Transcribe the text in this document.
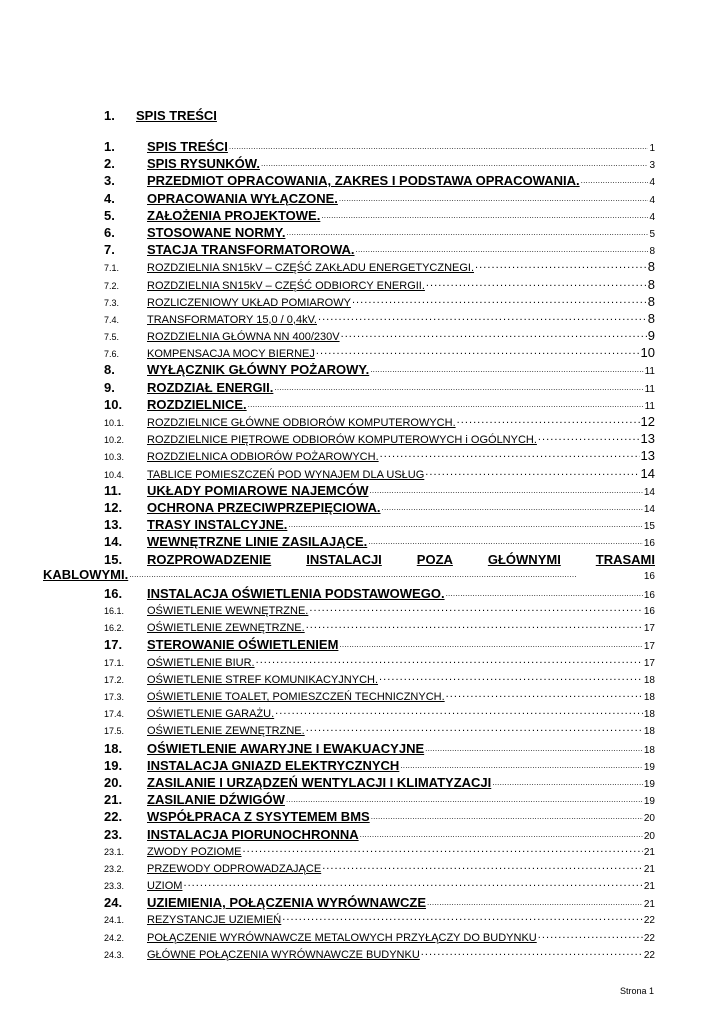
1. SPIS TREŚCI
1.	SPIS TREŚCI . . .	1
2.	SPIS RYSUNKÓW. . . .	3
3.	PRZEDMIOT OPRACOWANIA, ZAKRES I PODSTAWA OPRACOWANIA. . . .	4
4.	OPRACOWANIA WYŁĄCZONE. . . .	4
5.	ZAŁOŻENIA PROJEKTOWE. . . .	4
6.	STOSOWANE NORMY. . . .	5
7.	STACJA TRANSFORMATOROWA. . . .	8
7.1.	ROZDZIELNIA SN15kV – CZĘŚĆ ZAKŁADU ENERGETYCZNEGI. . . .	8
7.2.	ROZDZIELNIA SN15kV – CZĘŚĆ ODBIORCY ENERGII. . . .	8
7.3.	ROZLICZENIOWY UKŁAD POMIAROWY . . .	8
7.4.	TRANSFORMATORY 15,0 / 0,4kV. . . .	8
7.5.	ROZDZIELNIA GŁÓWNA NN 400/230V . . .	9
7.6.	KOMPENSACJA MOCY BIERNEJ . . .	10
8.	WYŁĄCZNIK GŁÓWNY POŻAROWY. . . .	11
9.	ROZDZIAŁ ENERGII. . . .	11
10.	ROZDZIELNICE. . . .	11
10.1.	ROZDZIELNICE GŁÓWNE ODBIORÓW KOMPUTEROWYCH. . . .	12
10.2.	ROZDZIELNICE PIĘTROWE ODBIORÓW KOMPUTEROWYCH i OGÓLNYCH. . . .	13
10.3.	ROZDZIELNICA ODBIORÓW POŻAROWYCH. . . .	13
10.4.	TABLICE POMIESZCZEŃ POD WYNAJEM DLA USŁUG . . .	14
11.	UKŁADY POMIAROWE NAJEMCÓW . . .	14
12.	OCHRONA PRZECIWPRZEPIĘCIOWA. . . .	14
13.	TRASY INSTALCYJNE. . . .	15
14.	WEWNĘTRZNE LINIE ZASILAJĄCE. . . .	16
15.	ROZPROWADZENIE	INSTALACJI	POZA	GŁÓWNYMI	TRASAMI
KABLOWYMI. . . .	16
16.	INSTALACJA OŚWIETLENIA PODSTAWOWEGO. . . .	16
16.1.	OŚWIETLENIE WEWNĘTRZNE. . . .	16
16.2.	OŚWIETLENIE ZEWNĘTRZNE. . . .	17
17.	STEROWANIE OŚWIETLENIEM . . .	17
17.1.	OŚWIETLENIE BIUR. . . .	17
17.2.	OŚWIETLENIE STREF KOMUNIKACYJNYCH. . . .	18
17.3.	OŚWIETLENIE TOALET, POMIESZCZEŃ TECHNICZNYCH. . . .	18
17.4.	OŚWIETLENIE GARAŻU. . . .	18
17.5.	OŚWIETLENIE ZEWNĘTRZNE. . . .	18
18.	OŚWIETLENIE AWARYJNE I EWAKUACYJNE . . .	18
19.	INSTALACJA GNIAZD ELEKTRYCZNYCH . . .	19
20.	ZASILANIE I URZĄDZEŃ WENTYLACJI I KLIMATYZACJI . . .	19
21.	ZASILANIE DŹWIGÓW . . .	19
22.	WSPÓŁPRACA Z SYSYTEMEM BMS . . .	20
23.	INSTALACJA PIORUNOCHRONNA . . .	20
23.1.	ZWODY POZIOME . . .	21
23.2.	PRZEWODY ODPROWADZAJĄCE . . .	21
23.3.	UZIOM . . .	21
24.	UZIEMIENIA, POŁĄCZENIA WYRÓWNAWCZE . . .	21
24.1.	REZYSTANCJE UZIEMIEŃ . . .	22
24.2.	POŁĄCZENIE WYRÓWNAWCZE METALOWYCH PRZYŁĄCZY DO BUDYNKU . . .	22
24.3.	GŁÓWNE POŁĄCZENIA WYRÓWNAWCZE BUDYNKU . . .	22
Strona 1
